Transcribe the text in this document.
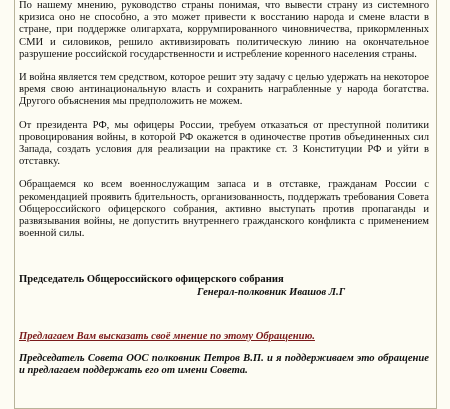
По нашему мнению, руководство страны понимая, что вывести страну из системного кризиса оно не способно, а это может привести к восстанию народа и смене власти в стране, при поддержке олигархата, коррумпированного чиновничества, прикормленных СМИ и силовиков, решило активизировать политическую линию на окончательное разрушение российской государственности и истребление коренного населения страны.

И война является тем средством, которое решит эту задачу с целью удержать на некоторое время свою антинациональную власть и сохранить награбленные у народа богатства. Другого объяснения мы предположить не можем.

От президента РФ, мы офицеры России, требуем отказаться от преступной политики провоцирования войны, в которой РФ окажется в одиночестве против объединенных сил Запада, создать условия для реализации на практике ст. 3 Конституции РФ и уйти в отставку.

Обращаемся ко всем военнослужащим запаса и в отставке, гражданам России с рекомендацией проявить бдительность, организованность, поддержать требования Совета Общероссийского офицерского собрания, активно выступать против пропаганды и развязывания войны, не допустить внутреннего гражданского конфликта с применением военной силы.

Председатель Общероссийского офицерского собрания
Генерал-полковник Ивашов Л.Г
Предлагаем Вам высказать своё мнение по этому Обращению.

Председатель Совета ООС полковник Петров В.П. и я поддерживаем это обращение и предлагаем поддержать его от имени Совета.
